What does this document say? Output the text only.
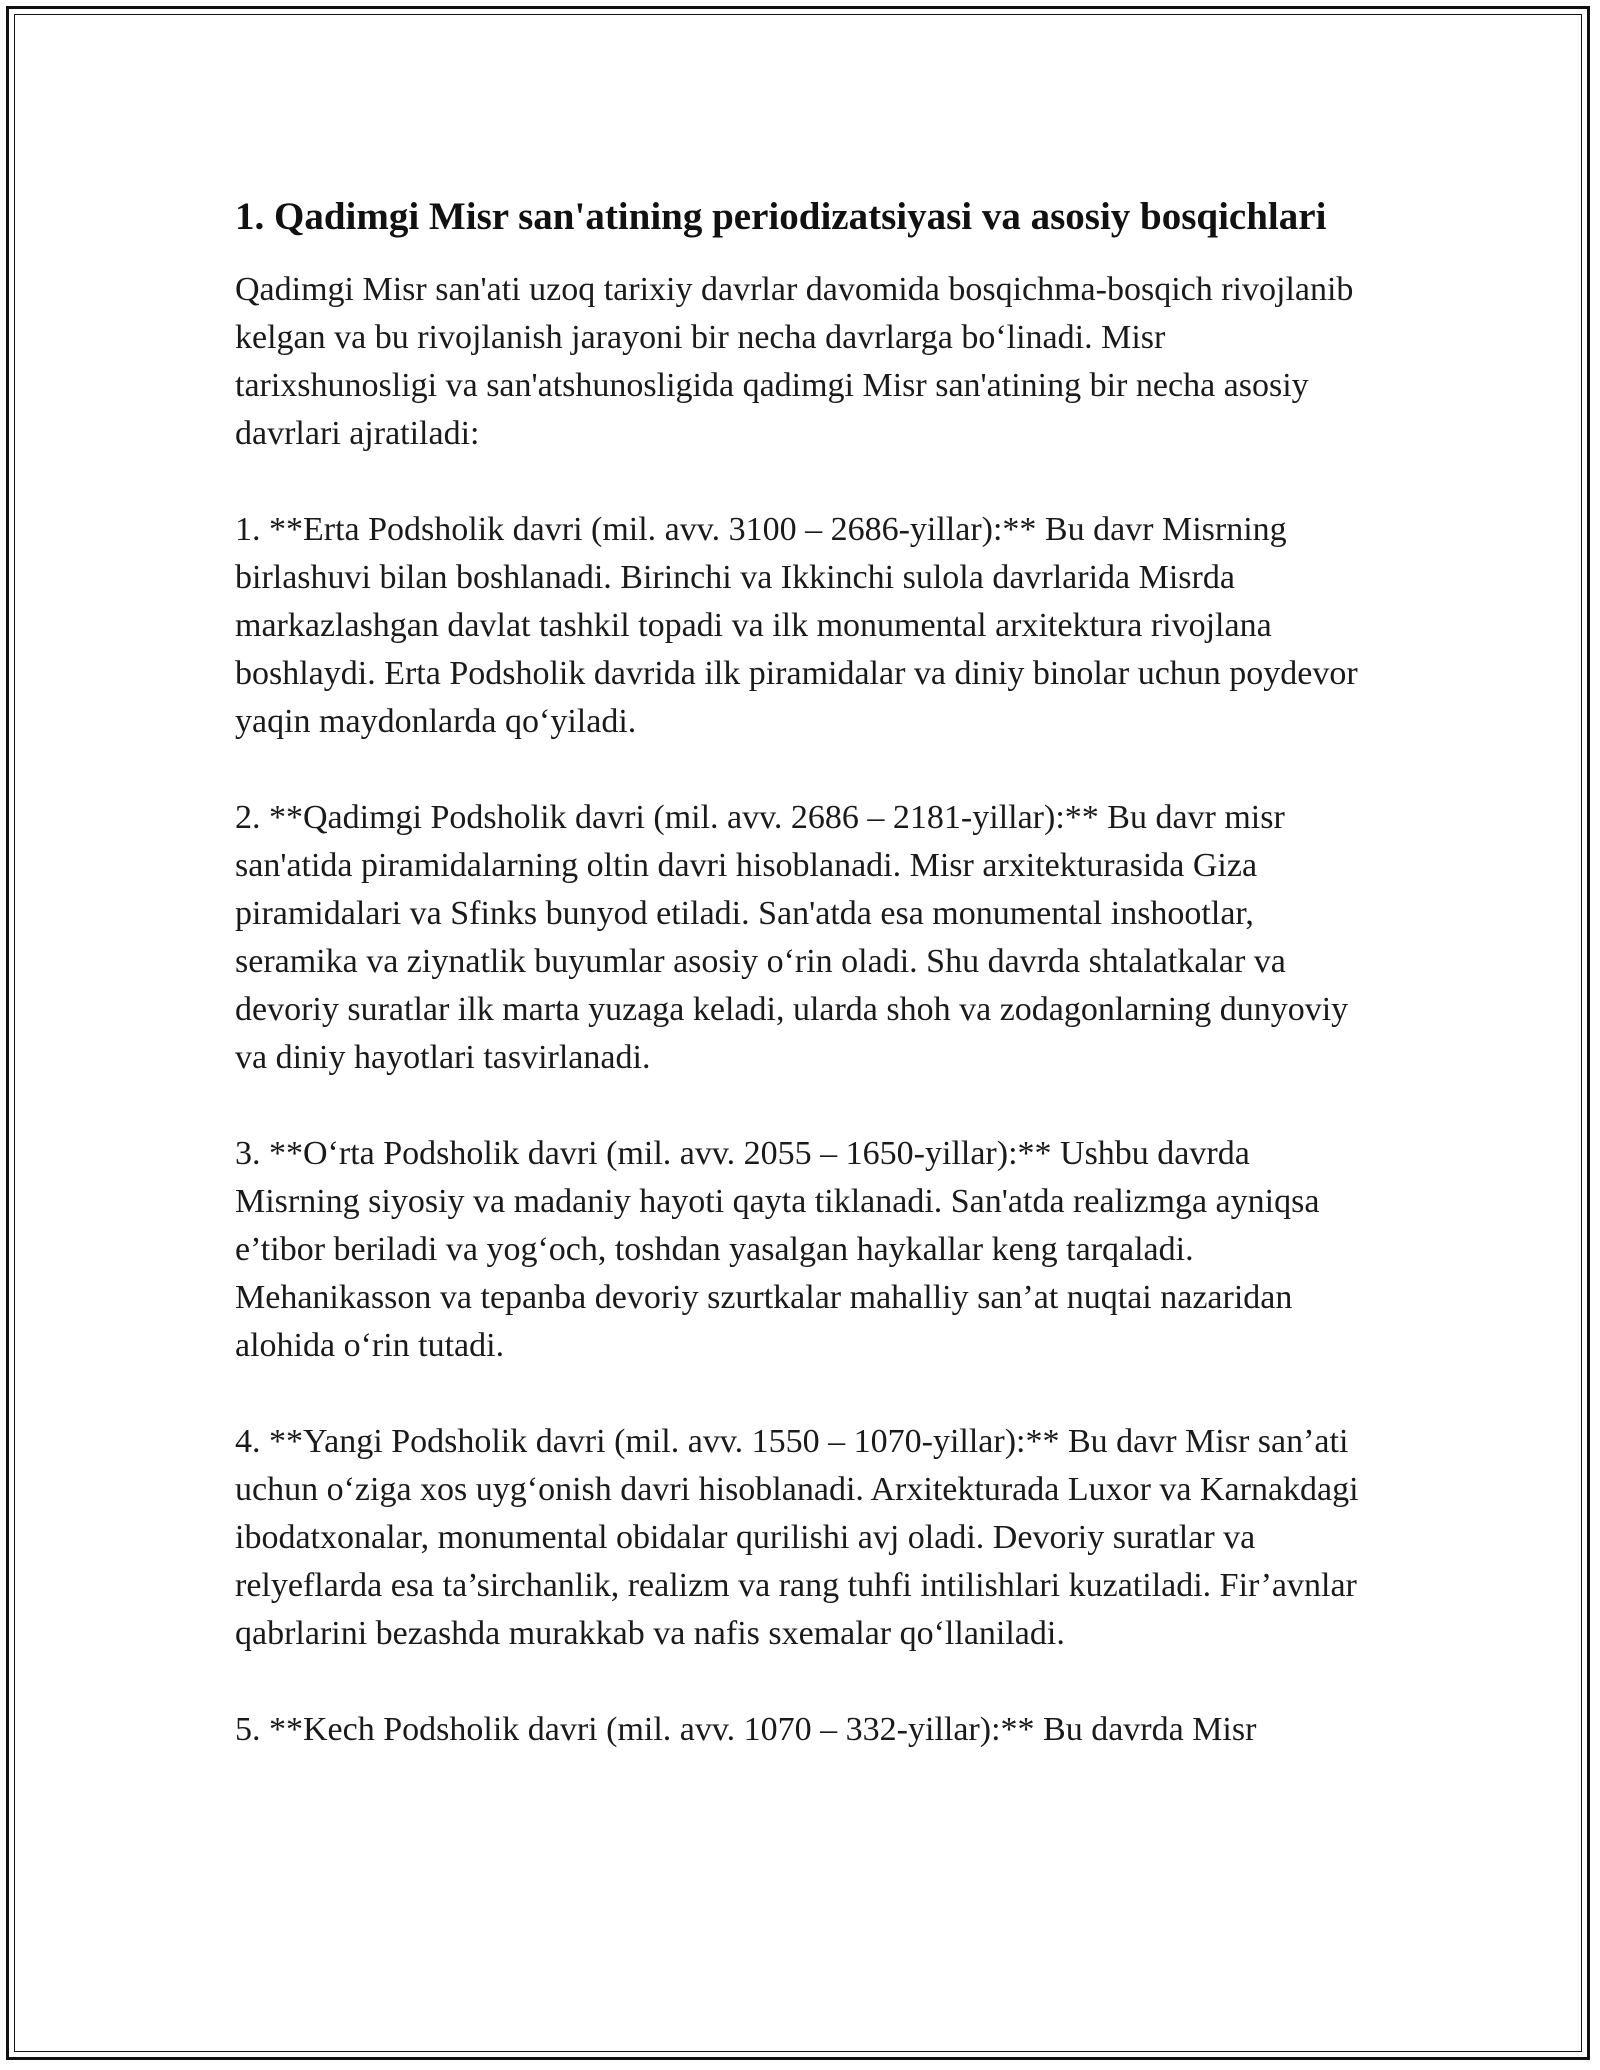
1. Qadimgi Misr san'atining periodizatsiyasi va asosiy bosqichlari

Qadimgi Misr san'ati uzoq tarixiy davrlar davomida bosqichma-bosqich rivojlanib kelgan va bu rivojlanish jarayoni bir necha davrlarga bo‘linadi. Misr tarixshunosligi va san'atshunosligida qadimgi Misr san'atining bir necha asosiy davrlari ajratiladi:

1. **Erta Podsholik davri (mil. avv. 3100 – 2686-yillar):** Bu davr Misrning birlashuvi bilan boshlanadi. Birinchi va Ikkinchi sulola davrlarida Misrda markazlashgan davlat tashkil topadi va ilk monumental arxitektura rivojlana boshlaydi. Erta Podsholik davrida ilk piramidalar va diniy binolar uchun poydevor yaqin maydonlarda qo‘yiladi.

2. **Qadimgi Podsholik davri (mil. avv. 2686 – 2181-yillar):** Bu davr misr san'atida piramidalarning oltin davri hisoblanadi. Misr arxitekturasida Giza piramidalari va Sfinks bunyod etiladi. San'atda esa monumental inshootlar, seramika va ziynatlik buyumlar asosiy o‘rin oladi. Shu davrda shtalatkalar va devoriy suratlar ilk marta yuzaga keladi, ularda shoh va zodagonlarning dunyoviy va diniy hayotlari tasvirlanadi.

3. **O‘rta Podsholik davri (mil. avv. 2055 – 1650-yillar):** Ushbu davrda Misrning siyosiy va madaniy hayoti qayta tiklanadi. San'atda realizmga ayniqsa e’tibor beriladi va yog‘och, toshdan yasalgan haykallar keng tarqaladi. Mehanikasson va tepanba devoriy szurtkalar mahalliy san’at nuqtai nazaridan alohida o‘rin tutadi.

4. **Yangi Podsholik davri (mil. avv. 1550 – 1070-yillar):** Bu davr Misr san’ati uchun o‘ziga xos uyg‘onish davri hisoblanadi. Arxitekturada Luxor va Karnakdagi ibodatxonalar, monumental obidalar qurilishi avj oladi. Devoriy suratlar va relyeflarda esa ta’sirchanlik, realizm va rang tuhfi intilishlari kuzatiladi. Fir’avnlar qabrlarini bezashda murakkab va nafis sxemalar qo‘llaniladi.

5. **Kech Podsholik davri (mil. avv. 1070 – 332-yillar):** Bu davrda Misr
